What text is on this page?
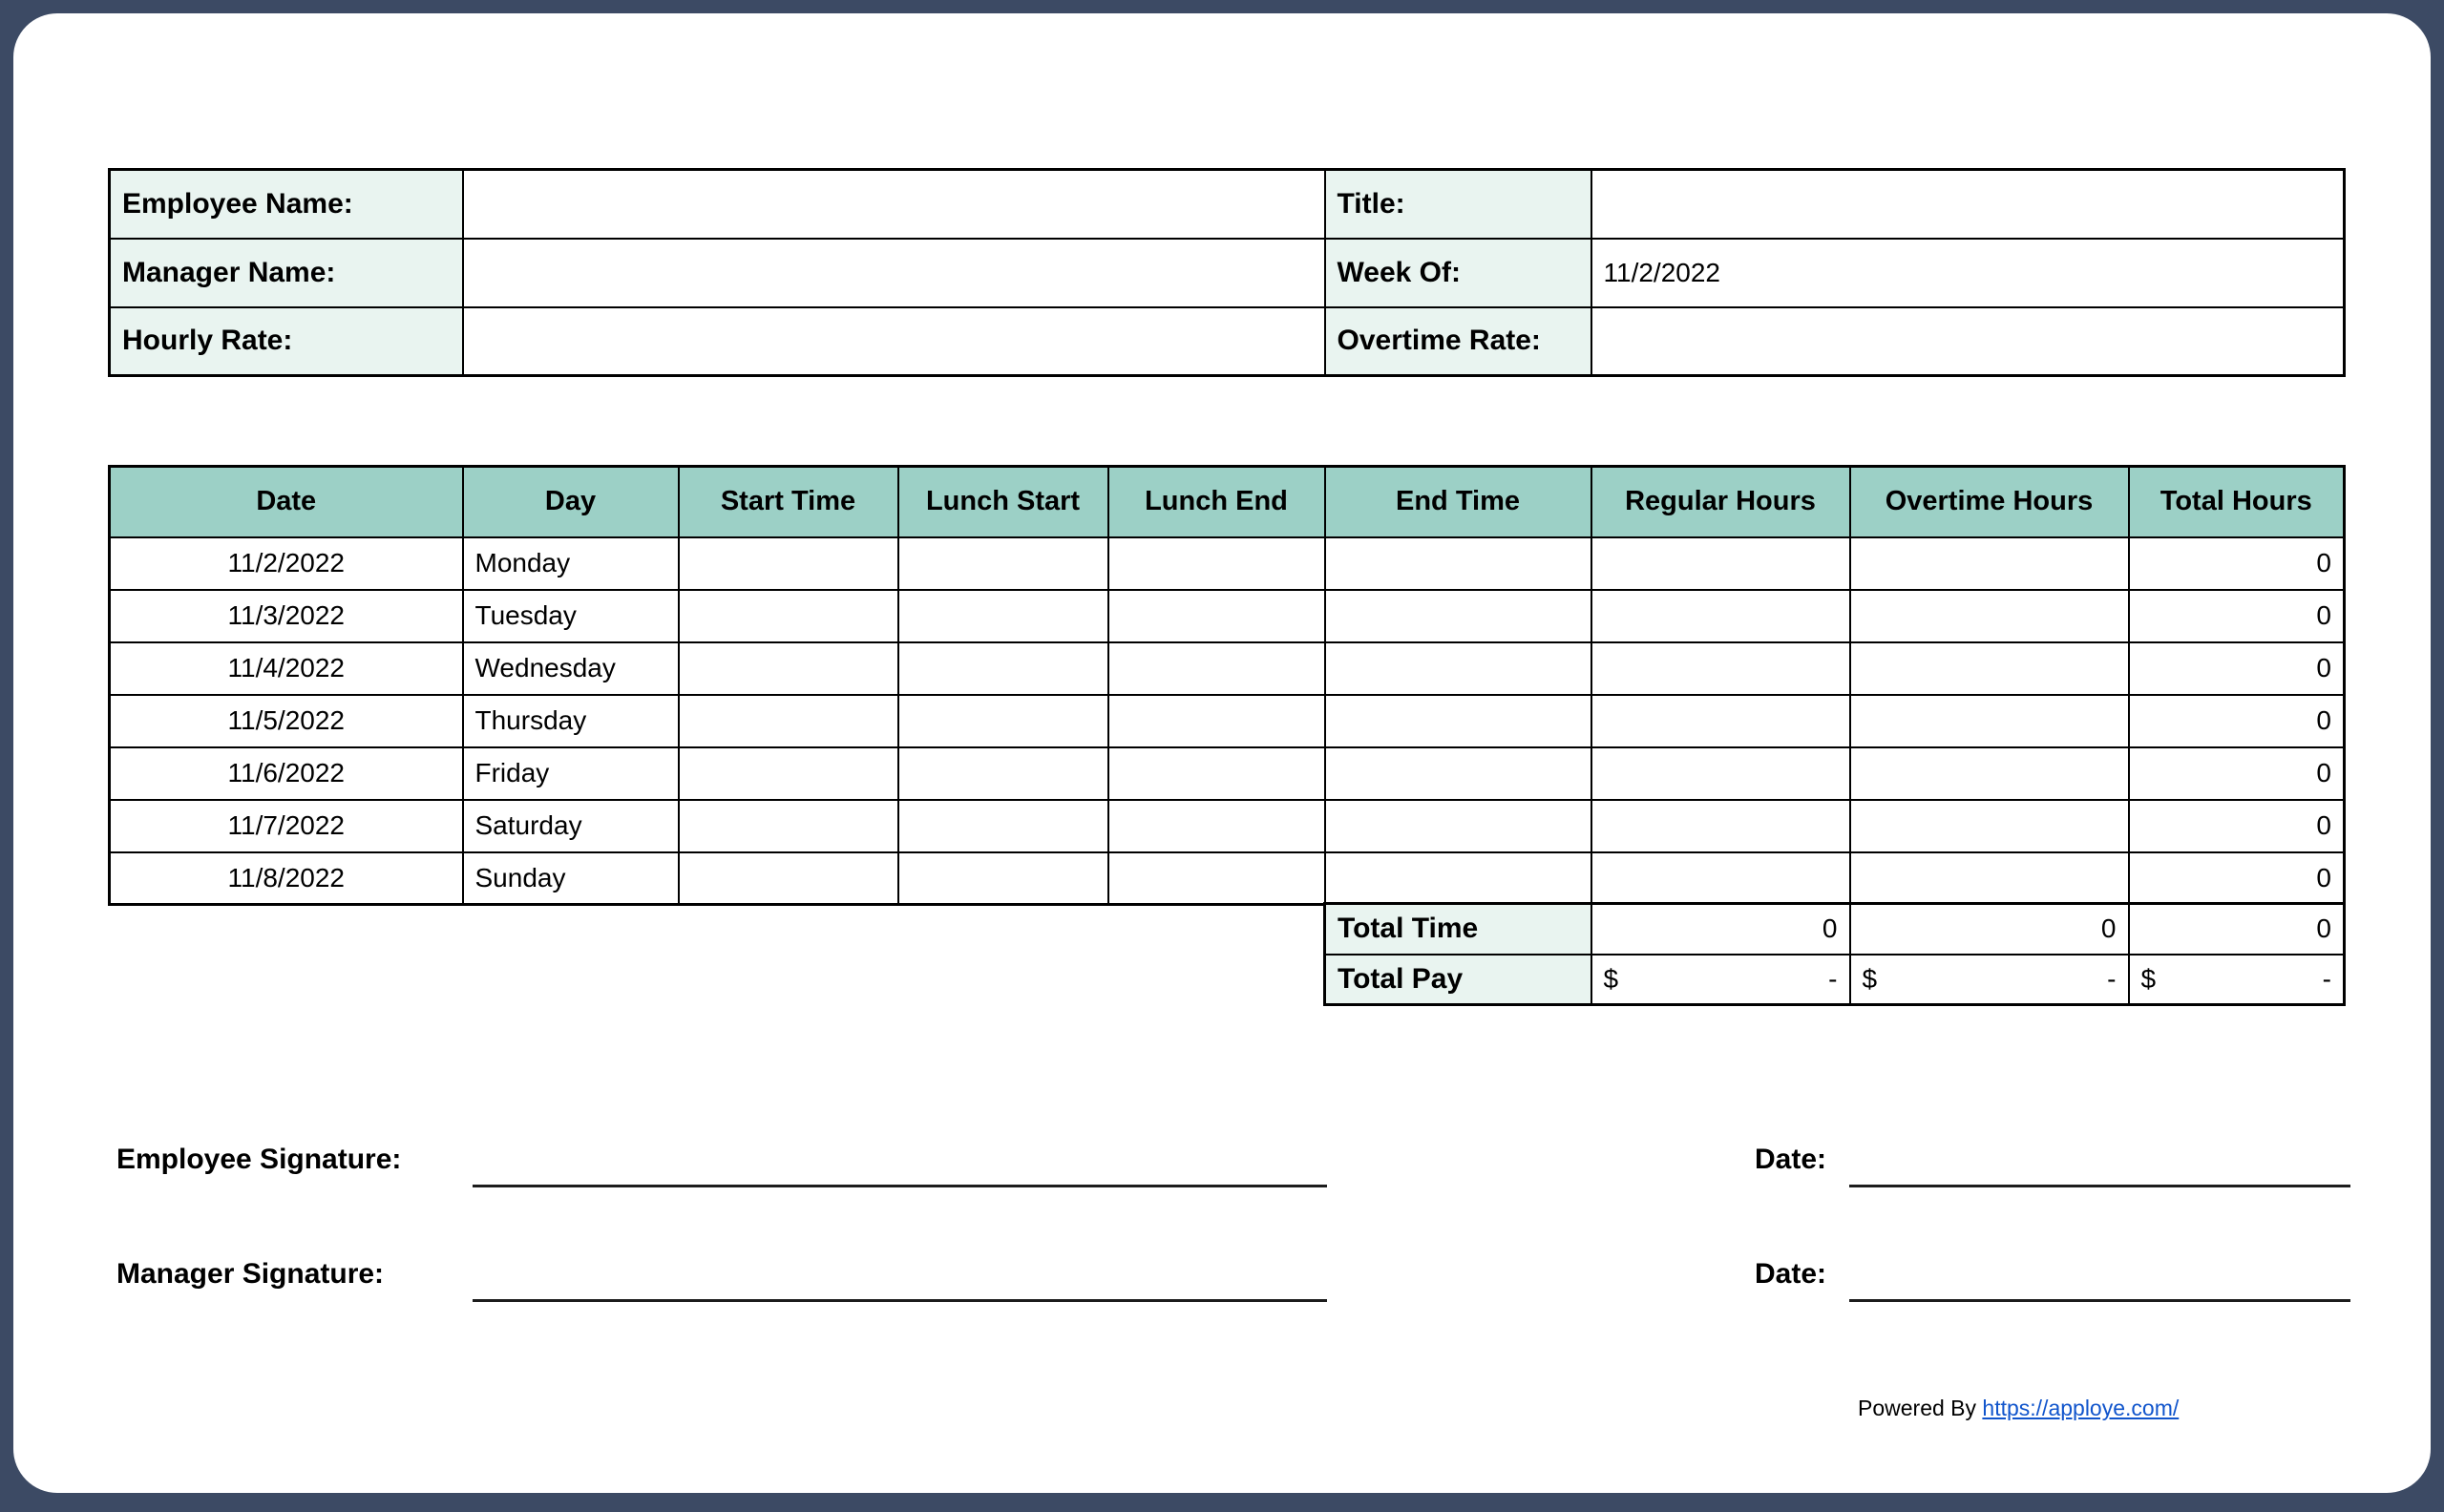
Employee Name:		Title:	
Manager Name:		Week Of:	11/2/2022
Hourly Rate:		Overtime Rate:	
Date	Day	Start Time	Lunch Start	Lunch End	End Time	Regular Hours	Overtime Hours	Total Hours
11/2/2022	Monday							0
11/3/2022	Tuesday							0
11/4/2022	Wednesday							0
11/5/2022	Thursday							0
11/6/2022	Friday							0
11/7/2022	Saturday							0
11/8/2022	Sunday							0
Total Time	0	0	0
Total Pay	$ -	$ -	$ -
Employee Signature:	Date:
Manager Signature:	Date:
Powered By https://apploye.com/
